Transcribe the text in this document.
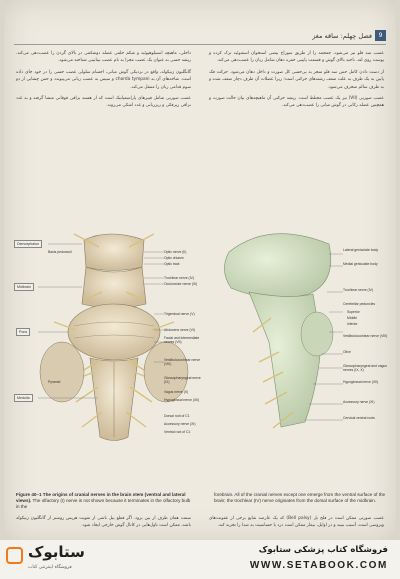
9
فصل چهلم: ساقه مغز

عصب سه قلو نیز می‌شود، جمجمه را از طریق سوراخ بیضی استخوان اسفنوئید ترک کرده و پوست روی لثه، ناحیه بالای گوش و قسمت پایینی حفره دهان شامل زبان را عصب‌دهی می‌کند.

از دست دادن کامل حس سه قلو منجر به بی‌حسی کل صورت و داخل دهان می‌شود. حرکت فک پایین به یک طرف به علت ضعف رشته‌های حرکتی است؛ زیرا عضلات آن طرف دچار ضعف شده و به طرف سالم منحرف می‌شود.

عصب صورتی (VII) نیز یک عصب مختلط است. ریشه حرکتی آن ماهیچه‌های بیان حالت صورت و همچنین عضله رکابی در گوش میانی را عصب‌دهی می‌کند.

داخلی، ماهیچه استیلوهیوئید و شکم خلفی عضله دوشکمی در بالای گردن را عصب‌دهی می‌کند. ریشه حسی به عنوان یک عصب مجزا به نام عصب بینابینی شناخته می‌شود.

گانگلیون ژنیکوله، واقع در نزدیکی گوش میانی، اجسام سلولی عصب حسی را در خود جای داده است. شاخه‌های آن به chorda tympani و سپس به عصب زبانی می‌پیوندد و حس چشایی از دو سوم قدامی زبان را منتقل می‌کند.

عصب صورتی شامل فیبرهای پاراسمپاتیک است که از هسته بزاقی فوقانی منشا گرفته و به غدد بزاقی زیرفکی و زیرزبانی و غدد اشکی می‌روند.

Diencephalon
Midbrain
Pons
Medulla
Basis pedunculi	Optic nerve (II)
Optic chiasm
Optic tract
Trochlear nerve (IV)
Oculomotor nerve (III)
Trigeminal nerve (V)
Abducens nerve (VI)
Facial and intermediate nerves (VII)
Vestibulocochlear nerve (VIII)
Pyramid
Glossopharyngeal nerve (IX)
Vagus nerve (X)
Hypoglossal nerve (XII)
Dorsal root of C1
Accessory nerve (XI)
Ventral root of C1
Lateral geniculate body
Medial geniculate body
Trochlear nerve (IV)
Cerebellar peduncles
Superior
Middle
Inferior
Vestibulocochlear nerve (VIII)
Olive
Glossopharyngeal and vagus nerves (IX, X)
Hypoglossal nerve (XII)
Accessory nerve (XI)
Cervical ventral roots
Figure 40–1 The origins of cranial nerves in the brain stem (ventral and lateral views). The olfactory (I) nerve is not shown because it terminates in the olfactory bulb in the
forebrain. All of the cranial nerves except one emerge from the ventral surface of the brain; the trochlear (IV) nerve originates from the dorsal surface of the midbrain.
عصب صورتی ممکن است در فلج بل (Bell palsy) که یک عارضه شایع برخی از عفونت‌های ویروسی است، آسیب ببیند و در اوایل، بیمار ممکن است درد یا حساسیت به صدا را تجربه کند.
سمت همان طرف از بین برود. اگر قطع بیل ناشی از تقویت هرپس زوستر از گانگلیون ژنیکوله باشد، ممکن است تاول‌هایی در کانال گوش خارجی ایجاد شود.
ستابوک
فروشگاه اینترنتی کتاب
فروشگاه کتاب پزشکی ستابوک
WWW.SETABOOK.COM
